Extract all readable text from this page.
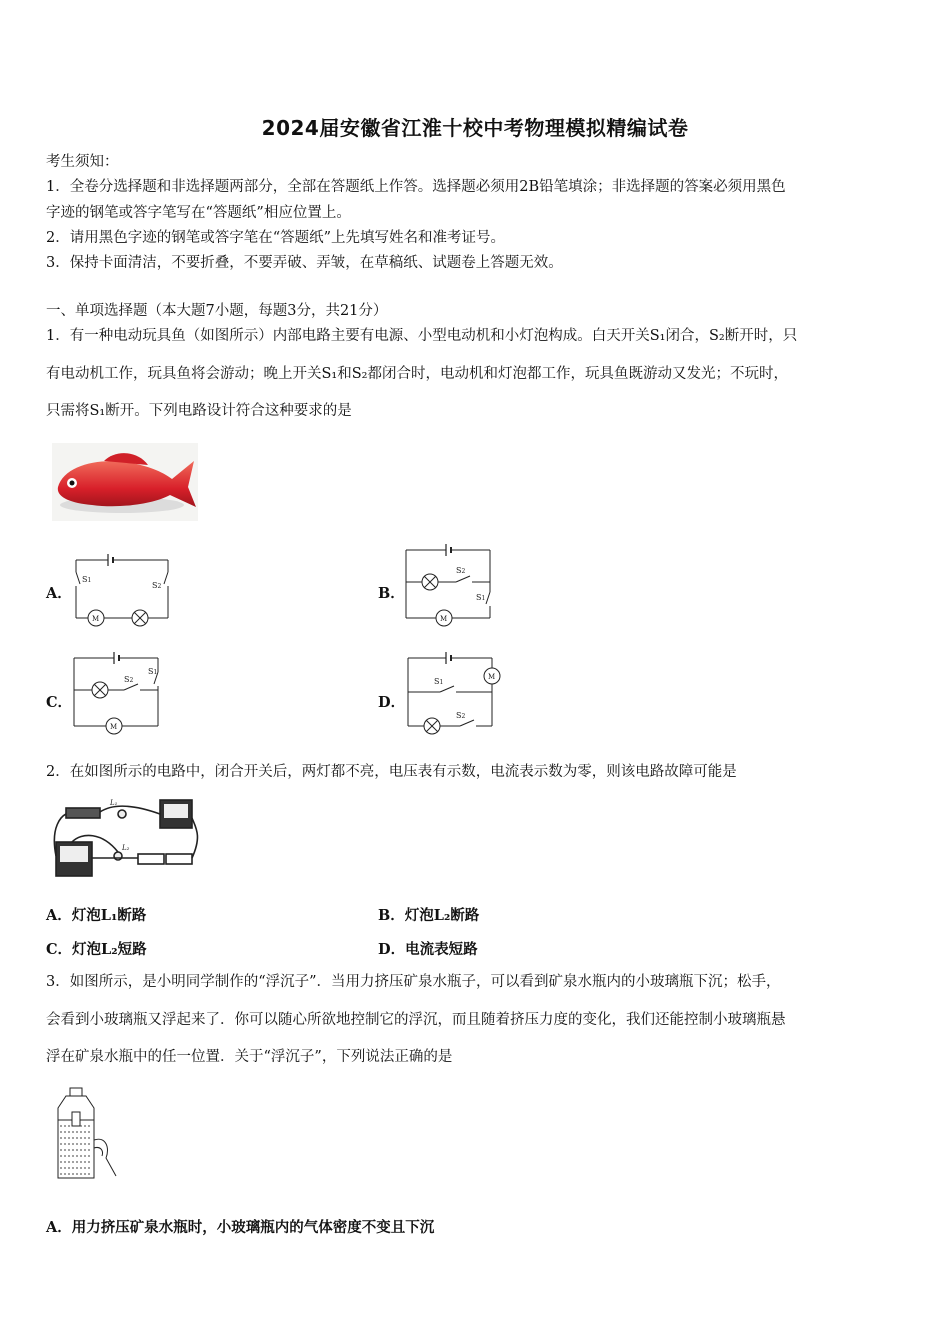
2024届安徽省江淮十校中考物理模拟精编试卷
考生须知：
1．全卷分选择题和非选择题两部分，全部在答题纸上作答。选择题必须用2B铅笔填涂；非选择题的答案必须用黑色
字迹的钢笔或答字笔写在“答题纸”相应位置上。
2．请用黑色字迹的钢笔或答字笔在“答题纸”上先填写姓名和准考证号。
3．保持卡面清洁，不要折叠，不要弄破、弄皱，在草稿纸、试题卷上答题无效。
一、单项选择题（本大题7小题，每题3分，共21分）
1．有一种电动玩具鱼（如图所示）内部电路主要有电源、小型电动机和小灯泡构成。白天开关S₁闭合，S₂断开时，只
有电动机工作，玩具鱼将会游动；晚上开关S₁和S₂都闭合时，电动机和灯泡都工作，玩具鱼既游动又发光；不玩时，
只需将S₁断开。下列电路设计符合这种要求的是
A．	B．
C．	D．
S1
S2
M
S2
S1
M
S2
S1
M
S1
S2
M
2．在如图所示的电路中，闭合开关后，两灯都不亮，电压表有示数，电流表示数为零，则该电路故障可能是
L₁
L₂
A．灯泡L₁断路	B．灯泡L₂断路
C．灯泡L₂短路	D．电流表短路
3．如图所示，是小明同学制作的“浮沉子”．当用力挤压矿泉水瓶子，可以看到矿泉水瓶内的小玻璃瓶下沉；松手，
会看到小玻璃瓶又浮起来了．你可以随心所欲地控制它的浮沉，而且随着挤压力度的变化，我们还能控制小玻璃瓶悬
浮在矿泉水瓶中的任一位置．关于“浮沉子”，下列说法正确的是
A．用力挤压矿泉水瓶时，小玻璃瓶内的气体密度不变且下沉
